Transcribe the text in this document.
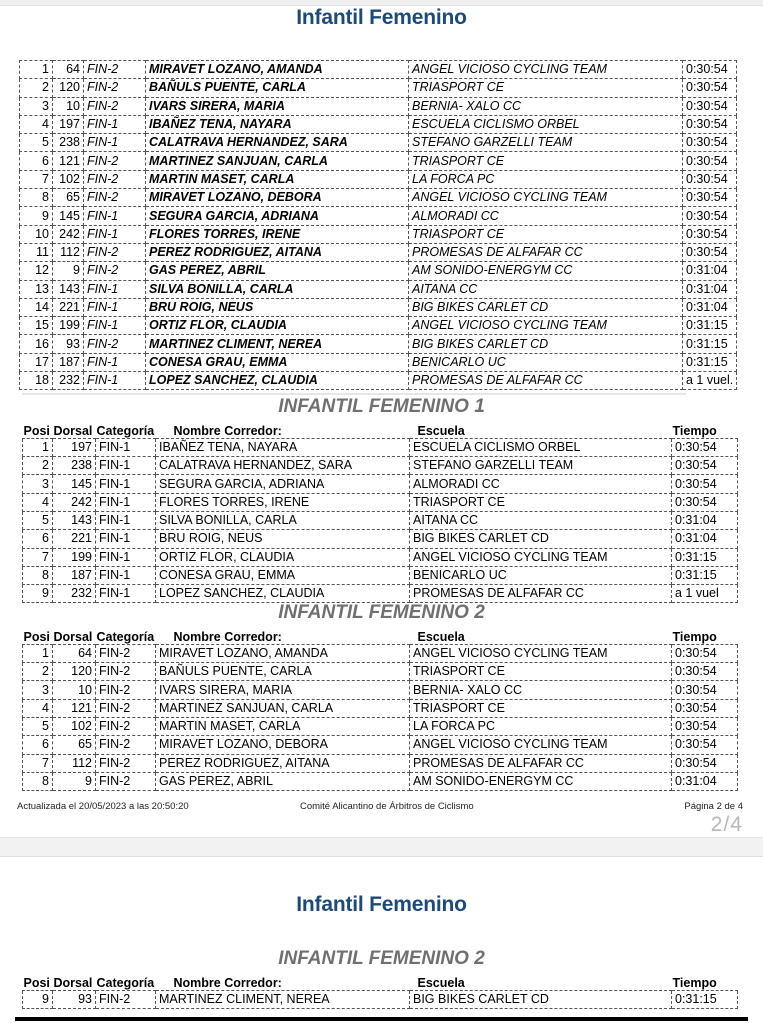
Infantil Femenino
1	64	FIN-2	MIRAVET LOZANO, AMANDA	ANGEL VICIOSO CYCLING TEAM	0:30:54
2	120	FIN-2	BAÑULS PUENTE, CARLA	TRIASPORT CE	0:30:54
3	10	FIN-2	IVARS SIRERA, MARIA	BERNIA- XALO CC	0:30:54
4	197	FIN-1	IBAÑEZ TENA, NAYARA	ESCUELA CICLISMO ORBEL	0:30:54
5	238	FIN-1	CALATRAVA HERNANDEZ, SARA	STEFANO GARZELLI TEAM	0:30:54
6	121	FIN-2	MARTINEZ SANJUAN, CARLA	TRIASPORT CE	0:30:54
7	102	FIN-2	MARTIN MASET, CARLA	LA FORCA PC	0:30:54
8	65	FIN-2	MIRAVET LOZANO, DEBORA	ANGEL VICIOSO CYCLING TEAM	0:30:54
9	145	FIN-1	SEGURA GARCIA, ADRIANA	ALMORADI CC	0:30:54
10	242	FIN-1	FLORES TORRES, IRENE	TRIASPORT CE	0:30:54
11	112	FIN-2	PEREZ RODRIGUEZ, AITANA	PROMESAS DE ALFAFAR CC	0:30:54
12	9	FIN-2	GAS PEREZ, ABRIL	AM SONIDO-ENERGYM CC	0:31:04
13	143	FIN-1	SILVA BONILLA, CARLA	AITANA CC	0:31:04
14	221	FIN-1	BRU ROIG, NEUS	BIG BIKES CARLET CD	0:31:04
15	199	FIN-1	ORTIZ FLOR, CLAUDIA	ANGEL VICIOSO CYCLING TEAM	0:31:15
16	93	FIN-2	MARTINEZ CLIMENT, NEREA	BIG BIKES CARLET CD	0:31:15
17	187	FIN-1	CONESA GRAU, EMMA	BENICARLO UC	0:31:15
18	232	FIN-1	LOPEZ SANCHEZ, CLAUDIA	PROMESAS DE ALFAFAR CC	a 1 vuel.
INFANTIL FEMENINO 1
Posi	Dorsal	Categoría	Nombre Corredor:	Escuela	Tiempo
1	197	FIN-1	IBAÑEZ TENA, NAYARA	ESCUELA CICLISMO ORBEL	0:30:54
2	238	FIN-1	CALATRAVA HERNANDEZ, SARA	STEFANO GARZELLI TEAM	0:30:54
3	145	FIN-1	SEGURA GARCIA, ADRIANA	ALMORADI CC	0:30:54
4	242	FIN-1	FLORES TORRES, IRENE	TRIASPORT CE	0:30:54
5	143	FIN-1	SILVA BONILLA, CARLA	AITANA CC	0:31:04
6	221	FIN-1	BRU ROIG, NEUS	BIG BIKES CARLET CD	0:31:04
7	199	FIN-1	ORTIZ FLOR, CLAUDIA	ANGEL VICIOSO CYCLING TEAM	0:31:15
8	187	FIN-1	CONESA GRAU, EMMA	BENICARLO UC	0:31:15
9	232	FIN-1	LOPEZ SANCHEZ, CLAUDIA	PROMESAS DE ALFAFAR CC	a 1 vuel
INFANTIL FEMENINO 2
Posi	Dorsal	Categoría	Nombre Corredor:	Escuela	Tiempo
1	64	FIN-2	MIRAVET LOZANO, AMANDA	ANGEL VICIOSO CYCLING TEAM	0:30:54
2	120	FIN-2	BAÑULS PUENTE, CARLA	TRIASPORT CE	0:30:54
3	10	FIN-2	IVARS SIRERA, MARIA	BERNIA- XALO CC	0:30:54
4	121	FIN-2	MARTINEZ SANJUAN, CARLA	TRIASPORT CE	0:30:54
5	102	FIN-2	MARTIN MASET, CARLA	LA FORCA PC	0:30:54
6	65	FIN-2	MIRAVET LOZANO, DEBORA	ANGEL VICIOSO CYCLING TEAM	0:30:54
7	112	FIN-2	PEREZ RODRIGUEZ, AITANA	PROMESAS DE ALFAFAR CC	0:30:54
8	9	FIN-2	GAS PEREZ, ABRIL	AM SONIDO-ENERGYM CC	0:31:04
Actualizada el 20/05/2023 a las 20:50:20	Comité Alicantino de Árbitros de Ciclismo	Página 2 de 4
2/4
Infantil Femenino
INFANTIL FEMENINO 2
Posi	Dorsal	Categoría	Nombre Corredor:	Escuela	Tiempo
9	93	FIN-2	MARTINEZ CLIMENT, NEREA	BIG BIKES CARLET CD	0:31:15
